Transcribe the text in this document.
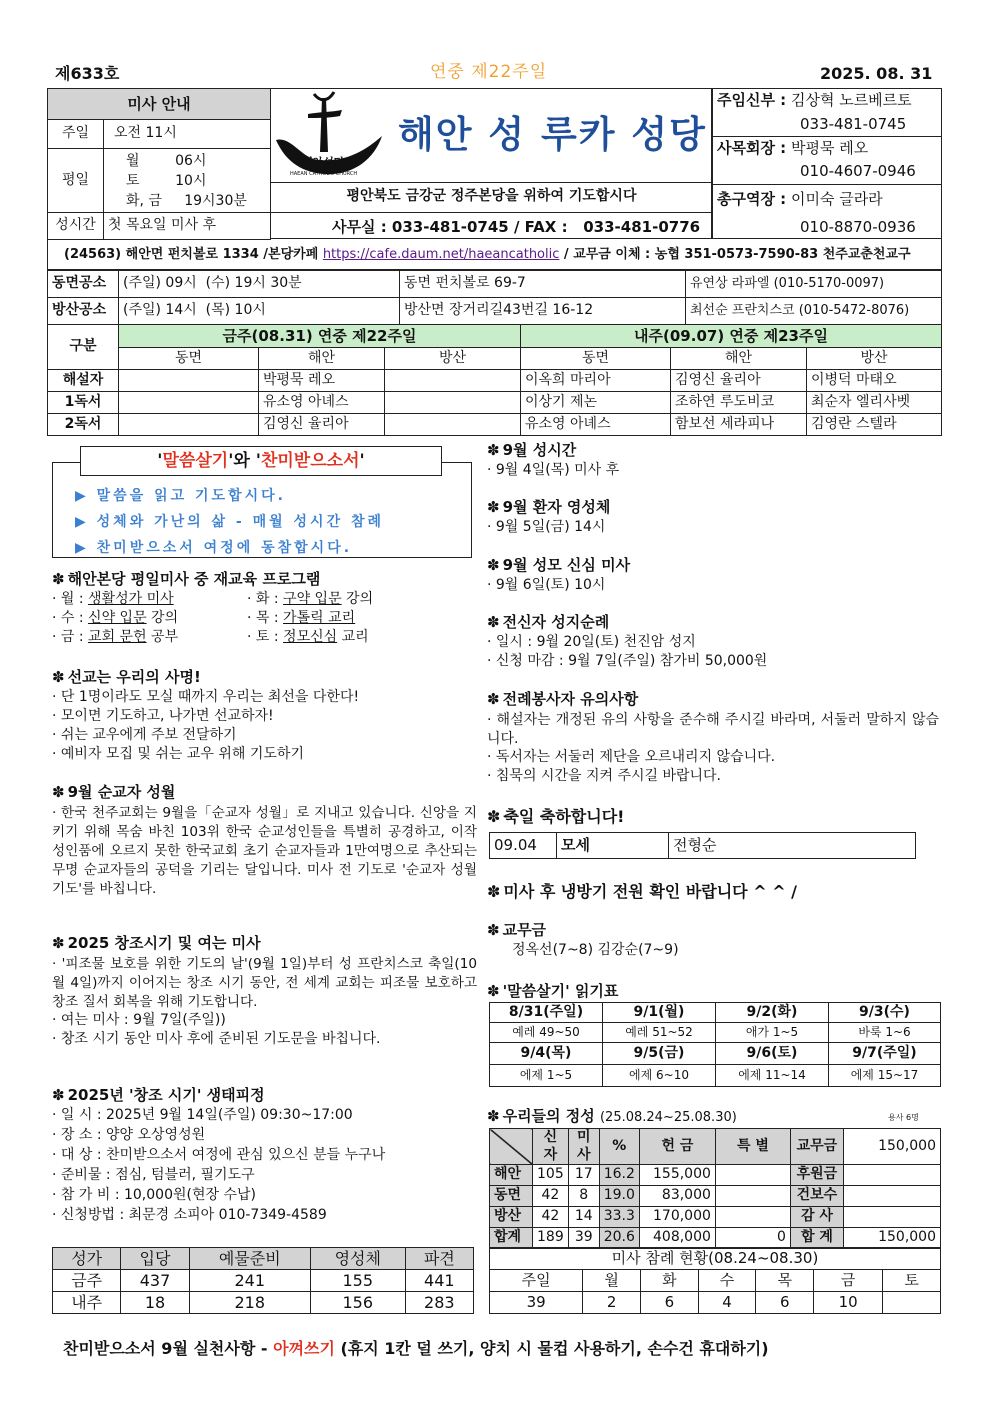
제633호	연중 제22주일	2025. 08. 31
미사 안내	
주일	오전 11시
평일	월        06시
토        10시
화, 금     19시30분

성시간	첫 목요일 미사 후
해안성당
HAEAN CATHOLIC CHURCH
해안 성 루카 성당
평안북도 금강군 정주본당을 위하여 기도합시다
사무실 : 033-481-0745 / FAX :   033-481-0776
주임신부 : 김상혁 노르베르토
033-481-0745
사목회장 : 박평묵 레오
010-4607-0946
총구역장 : 이미숙 글라라
010-8870-0936
(24563) 해안면 펀치볼로 1334 /본당카페 https://cafe.daum.net/haeancatholic / 교무금 이체 : 농협 351-0573-7590-83 천주교춘천교구
동면공소	(주일) 09시  (수) 19시 30분	동면 펀치볼로 69-7	유연상 라파엘 (010-5170-0097)
방산공소	(주일) 14시  (목) 10시	방산면 장거리길43번길 16-12	최선순 프란치스코 (010-5472-8076)
구분	금주(08.31) 연중 제22주일			내주(09.07) 연중 제23주일		
	동면	해안	방산	동면	해안	방산
해설자		박평묵 레오		이옥희 마리아	김영신 율리아	이병덕 마태오
1독서		유소영 아녜스		이상기 제논	조하연 루도비코	최순자 엘리사벳
2독서		김영신 율리아		유소영 아녜스	함보선 세라피나	김영란 스텔라
'말씀살기'와 '찬미받으소서'
▶ 말씀을 읽고 기도합시다.
▶ 성체와 가난의 삶 - 매월 성시간 참례
▶ 찬미받으소서 여정에 동참합시다.
✽ 해안본당 평일미사 중 재교육 프로그램
· 월 : 생활성가 미사	· 화 : 구약 입문 강의
· 수 : 신약 입문 강의	· 목 : 가톨릭 교리
· 금 : 교회 문헌 공부	· 토 : 정모신심 교리
✽ 선교는 우리의 사명!
· 단 1명이라도 모실 때까지 우리는 최선을 다한다!
· 모이면 기도하고, 나가면 선교하자!
· 쉬는 교우에게 주보 전달하기
· 예비자 모집 및 쉬는 교우 위해 기도하기
✽ 9월 순교자 성월
· 한국 천주교회는 9월을「순교자 성월」로 지내고 있습니다. 신앙을 지키기 위해 목숨 바친 103위 한국 순교성인들을 특별히 공경하고, 이작 성인품에 오르지 못한 한국교회 초기 순교자들과 1만여명으로 추산되는 무명 순교자들의 공덕을 기리는 달입니다. 미사 전 기도로 '순교자 성월기도'를 바칩니다.
✽ 2025 창조시기 및 여는 미사
· '피조물 보호를 위한 기도의 날'(9월 1일)부터 성 프란치스코 축일(10월 4일)까지 이어지는 창조 시기 동안, 전 세계 교회는 피조물 보호하고 창조 질서 회복을 위해 기도합니다.
· 여는 미사 : 9월 7일(주일))
· 창조 시기 동안 미사 후에 준비된 기도문을 바칩니다.
✽ 2025년 '창조 시기' 생태피정
· 일 시 : 2025년 9월 14일(주일) 09:30~17:00
· 장 소 : 양양 오상영성원
· 대 상 : 찬미받으소서 여정에 관심 있으신 분들 누구나
· 준비물 : 점심, 텀블러, 필기도구
· 참 가 비 : 10,000원(현장 수납)
· 신청방법 : 최문경 소피아 010-7349-4589
성가	입당	예물준비	영성체	파견
금주	437	241	155	441
내주	18	218	156	283
✽ 9월 성시간
· 9월 4일(목) 미사 후
✽ 9월 환자 영성체
· 9월 5일(금) 14시
✽ 9월 성모 신심 미사
· 9월 6일(토) 10시
✽ 전신자 성지순례
· 일시 : 9월 20일(토) 천진암 성지
· 신청 마감 : 9월 7일(주일) 참가비 50,000원
✽ 전례봉사자 유의사항
· 해설자는 개정된 유의 사항을 준수해 주시길 바라며, 서둘러 말하지 않습니다.
· 독서자는 서둘러 제단을 오르내리지 않습니다.
· 침묵의 시간을 지켜 주시길 바랍니다.
✽ 축일 축하합니다!
09.04	모세	전형순
✽ 미사 후 냉방기 전원 확인 바랍니다 ^ ^ /
✽ 교무금
정옥선(7~8) 김강순(7~9)
✽ '말씀살기' 읽기표
8/31(주일)	9/1(월)	9/2(화)	9/3(수)
예레 49~50	예레 51~52	애가 1~5	바룩 1~6
9/4(목)	9/5(금)	9/6(토)	9/7(주일)
에제 1~5	에제 6~10	에제 11~14	에제 15~17
✽ 우리들의 정성 (25.08.24~25.08.30)	용사 6명
	신자	미사	%	헌 금	특 별	교무금	150,000
해안	105	17	16.2	155,000		후원금	
동면	42	8	19.0	83,000		건보수	
방산	42	14	33.3	170,000		감 사	
합계	189	39	20.6	408,000	0	합 계	150,000
미사 참례 현황(08.24~08.30)						
주일	월	화	수	목	금	토
39	2	6	4	6	10	
찬미받으소서 9월 실천사항 - 아껴쓰기 (휴지 1칸 덜 쓰기, 양치 시 물컵 사용하기, 손수건 휴대하기)
